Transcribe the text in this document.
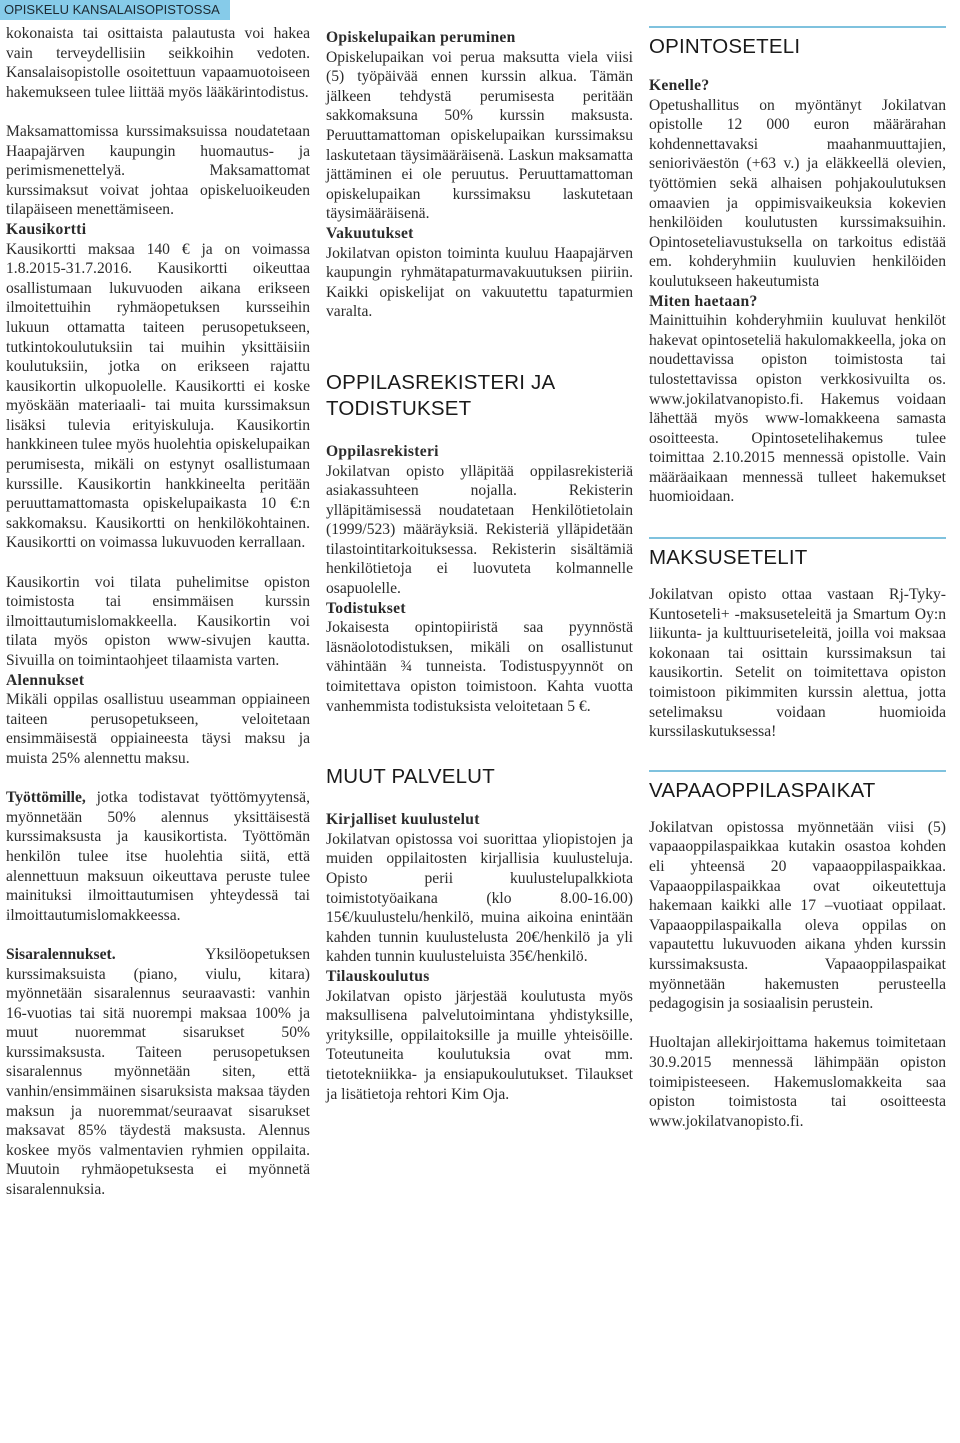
OPISKELU KANSALAISOPISTOSSA

kokonaista tai osittaista palautusta voi hakea vain terveydellisiin seikkoihin vedoten. Kansalaisopistolle osoitettuun vapaamuotoiseen hakemukseen tulee liittää myös lääkärintodistus.

Maksamattomissa kurssimaksuissa noudatetaan Haapajärven kaupungin huomautus- ja perimismenettelyä. Maksamattomat kurssimaksut voivat johtaa opiskeluoikeuden tilapäiseen menettämiseen.

Kausikortti

Kausikortti maksaa 140 € ja on voimassa 1.8.2015-31.7.2016. Kausikortti oikeuttaa osallistumaan lukuvuoden aikana erikseen ilmoitettuihin ryhmäopetuksen kursseihin lukuun ottamatta taiteen perusopetukseen, tutkintokoulutuksiin tai muihin yksittäisiin koulutuksiin, jotka on erikseen rajattu kausikortin ulkopuolelle. Kausikortti ei koske myöskään materiaali- tai muita kurssimaksun lisäksi tulevia erityiskuluja. Kausikortin hankkineen tulee myös huolehtia opiskelupaikan perumisesta, mikäli on estynyt osallistumaan kurssille. Kausikortin hankkineelta peritään peruuttamattomasta opiskelupaikasta 10 €:n sakkomaksu. Kausikortti on henkilökohtainen. Kausikortti on voimassa lukuvuoden kerrallaan.

Kausikortin voi tilata puhelimitse opiston toimistosta tai ensimmäisen kurssin ilmoittautumislomakkeella. Kausikortin voi tilata myös opiston www-sivujen kautta. Sivuilla on toimintaohjeet tilaamista varten.

Alennukset

Mikäli oppilas osallistuu useamman oppiaineen taiteen perusopetukseen, veloitetaan ensimmäisestä oppiaineesta täysi maksu ja muista 25% alennettu maksu.

Työttömille, jotka todistavat työttömyytensä, myönnetään 50% alennus yksittäisestä kurssimaksusta ja kausikortista. Työttömän henkilön tulee itse huolehtia siitä, että alennettuun maksuun oikeuttava peruste tulee mainituksi ilmoittautumisen yhteydessä tai ilmoittautumislomakkeessa.

Sisaralennukset. Yksilöopetuksen kurssimaksuista (piano, viulu, kitara) myönnetään sisaralennus seuraavasti: vanhin 16-vuotias tai sitä nuorempi maksaa 100% ja muut nuoremmat sisarukset 50% kurssimaksusta. Taiteen perusopetuksen sisaralennus myönnetään siten, että vanhin/ensimmäinen sisaruksista maksaa täyden maksun ja nuoremmat/seuraavat sisarukset maksavat 85% täydestä maksusta. Alennus koskee myös valmentavien ryhmien oppilaita. Muutoin ryhmäopetuksesta ei myönnetä sisaralennuksia.

Opiskelupaikan peruminen

Opiskelupaikan voi perua maksutta viela viisi (5) työpäivää ennen kurssin alkua. Tämän jälkeen tehdystä perumisesta peritään sakkomaksuna 50% kurssin maksusta. Peruuttamattoman opiskelupaikan kurssimaksu laskutetaan täysimääräisenä. Laskun maksamatta jättäminen ei ole peruutus. Peruuttamattoman opiskelupaikan kurssimaksu laskutetaan täysimääräisenä.

Vakuutukset

Jokilatvan opiston toiminta kuuluu Haapajärven kaupungin ryhmätapaturmavakuutuksen piiriin. Kaikki opiskelijat on vakuutettu tapaturmien varalta.

OPPILASREKISTERI JA TODISTUKSET
Oppilasrekisteri

Jokilatvan opisto ylläpitää oppilasrekisteriä asiakassuhteen nojalla. Rekisterin ylläpitämisessä noudatetaan Henkilötietolain (1999/523) määräyksiä. Rekisteriä ylläpidetään tilastointitarkoituksessa. Rekisterin sisältämiä henkilötietoja ei luovuteta kolmannelle osapuolelle.

Todistukset

Jokaisesta opintopiiristä saa pyynnöstä läsnäolotodistuksen, mikäli on osallistunut vähintään ¾ tunneista. Todistuspyynnöt on toimitettava opiston toimistoon. Kahta vuotta vanhemmista todistuksista veloitetaan 5 €.

MUUT PALVELUT
Kirjalliset kuulustelut

Jokilatvan opistossa voi suorittaa yliopistojen ja muiden oppilaitosten kirjallisia kuulusteluja. Opisto perii kuulustelupalkkiota toimistotyöaikana (klo 8.00-16.00) 15€/kuulustelu/henkilö, muina aikoina enintään kahden tunnin kuulustelusta 20€/henkilö ja yli kahden tunnin kuulusteluista 35€/henkilö.

Tilauskoulutus

Jokilatvan opisto järjestää koulutusta myös maksullisena palvelutoimintana yhdistyksille, yrityksille, oppilaitoksille ja muille yhteisöille. Toteutuneita koulutuksia ovat mm. tietotekniikka- ja ensiapukoulutukset. Tilaukset ja lisätietoja rehtori Kim Oja.

OPINTOSETELI
Kenelle?

Opetushallitus on myöntänyt Jokilatvan opistolle 12 000 euron määrärahan kohdennettavaksi maahanmuuttajien, senioriväestön (+63 v.) ja eläkkeellä olevien, työttömien sekä alhaisen pohjakoulutuksen omaavien ja oppimisvaikeuksia kokevien henkilöiden koulutusten kurssimaksuihin. Opintoseteliavustuksella on tarkoitus edistää em. kohderyhmiin kuuluvien henkilöiden koulutukseen hakeutumista

Miten haetaan?

Mainittuihin kohderyhmiin kuuluvat henkilöt hakevat opintoseteliä hakulomakkeella, joka on noudettavissa opiston toimistosta tai tulostettavissa opiston verkkosivuilta os. www.jokilatvanopisto.fi. Hakemus voidaan lähettää myös www-lomakkeena samasta osoitteesta. Opintosetelihakemus tulee toimittaa 2.10.2015 mennessä opistolle. Vain määräaikaan mennessä tulleet hakemukset huomioidaan.

MAKSUSETELIT

Jokilatvan opisto ottaa vastaan Rj-Tyky-Kuntoseteli+ -maksuseteleitä ja Smartum Oy:n liikunta- ja kulttuuriseteleitä, joilla voi maksaa kokonaan tai osittain kurssimaksun tai kausikortin. Setelit on toimitettava opiston toimistoon pikimmiten kurssin alettua, jotta setelimaksu voidaan huomioida kurssilaskutuksessa!

VAPAAOPPILASPAIKAT

Jokilatvan opistossa myönnetään viisi (5) vapaaoppilaspaikkaa kutakin osastoa kohden eli yhteensä 20 vapaaoppilaspaikkaa. Vapaaoppilaspaikkaa ovat oikeutettuja hakemaan kaikki alle 17 –vuotiaat oppilaat. Vapaaoppilaspaikalla oleva oppilas on vapautettu lukuvuoden aikana yhden kurssin kurssimaksusta. Vapaaoppilaspaikat myönnetään hakemusten perusteella pedagogisin ja sosiaalisin perustein.

Huoltajan allekirjoittama hakemus toimitetaan 30.9.2015 mennessä lähimpään opiston toimipisteeseen. Hakemuslomakkeita saa opiston toimistosta tai osoitteesta www.jokilatvanopisto.fi.
